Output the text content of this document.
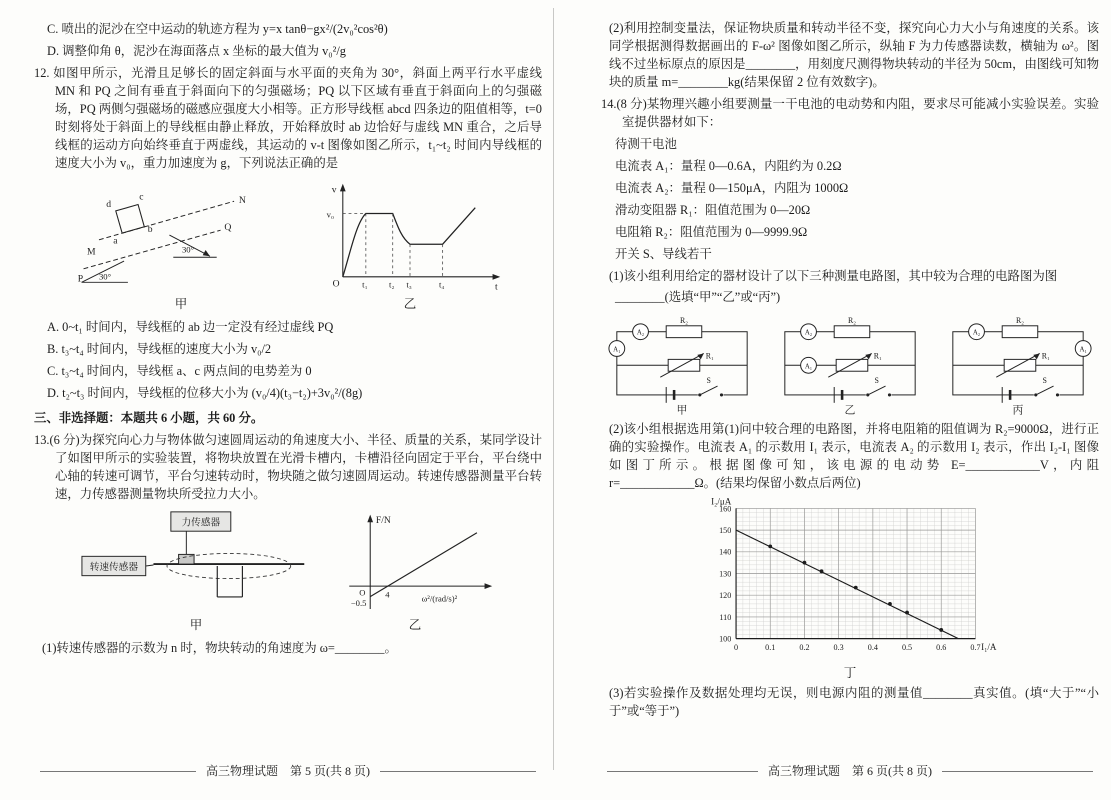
C. 喷出的泥沙在空中运动的轨迹方程为 y=x tanθ−gx²/(2v₀²cos²θ)

D. 调整仰角 θ，泥沙在海面落点 x 坐标的最大值为 v₀²/g

12. 如图甲所示，光滑且足够长的固定斜面与水平面的夹角为 30°，斜面上两平行水平虚线 MN 和 PQ 之间有垂直于斜面向下的匀强磁场；PQ 以下区域有垂直于斜面向上的匀强磁场，PQ 两侧匀强磁场的磁感应强度大小相等。正方形导线框 abcd 四条边的阻值相等，t=0 时刻将处于斜面上的导线框由静止释放，开始释放时 ab 边恰好与虚线 MN 重合，之后导线框的运动方向始终垂直于两虚线，其运动的 v-t 图像如图乙所示，t₁~t₂ 时间内导线框的速度大小为 v₀，重力加速度为 g，下列说法正确的是

a
b
c
d	N
Q
M
P
30°
30°
甲
v
t
O
v₀
t₁ t₂ t₃	t₄
乙

A. 0~t₁ 时间内，导线框的 ab 边一定没有经过虚线 PQ

B. t₃~t₄ 时间内，导线框的速度大小为 v₀/2

C. t₃~t₄ 时间内，导线框 a、c 两点间的电势差为 0

D. t₂~t₃ 时间内，导线框的位移大小为 (v₀/4)(t₃−t₂)+3v₀²/(8g)

三、非选择题：本题共 6 小题，共 60 分。

13.(6 分)为探究向心力与物体做匀速圆周运动的角速度大小、半径、质量的关系，某同学设计了如图甲所示的实验装置，将物块放置在光滑卡槽内，卡槽沿径向固定于平台，平台绕中心轴的转速可调节，平台匀速转动时，物块随之做匀速圆周运动。转速传感器测量平台转速，力传感器测量物块所受拉力大小。

力传感器
转速传感器
甲
F/N
ω²/(rad/s)²
O 4
−0.5
乙

(1)转速传感器的示数为 n 时，物块转动的角速度为 ω=________。

高三物理试题　第 5 页(共 8 页)

(2)利用控制变量法，保证物块质量和转动半径不变，探究向心力大小与角速度的关系。该同学根据测得数据画出的 F-ω² 图像如图乙所示，纵轴 F 为力传感器读数，横轴为 ω²。图线不过坐标原点的原因是________，用刻度尺测得物块转动的半径为 50cm，由图线可知物块的质量 m=________kg(结果保留 2 位有效数字)。

14.(8 分)某物理兴趣小组要测量一干电池的电动势和内阻，要求尽可能减小实验误差。实验室提供器材如下：

待测干电池

电流表 A₁：量程 0—0.6A，内阻约为 0.2Ω

电流表 A₂：量程 0—150μA，内阻为 1000Ω

滑动变阻器 R₁：阻值范围为 0—20Ω

电阻箱 R₂：阻值范围为 0—9999.9Ω

开关 S、导线若干

(1)该小组利用给定的器材设计了以下三种测量电路图，其中较为合理的电路图为图

________(选填“甲”“乙”或“丙”)

A₂
R₂
R₁
S
A₁
甲
A₂
R₂
R₁
S
A₁
乙
A₂
R₂
R₁
S
A₁
丙

(2)该小组根据选用第(1)问中较合理的电路图，并将电阻箱的阻值调为 R₂=9000Ω，进行正确的实验操作。电流表 A₁ 的示数用 I₁ 表示，电流表 A₂ 的示数用 I₂ 表示，作出 I₂-I₁ 图像如图丁所示。根据图像可知，该电源的电动势 E=____________V，内阻 r=____________Ω。(结果均保留小数点后两位)

0	0.1	0.2	0.3	0.4	0.5	0.6	0.7
100
110
120
130
140
150
160
I₂/μA
I₁/A
丁

(3)若实验操作及数据处理均无误，则电源内阻的测量值________真实值。(填“大于”“小于”或“等于”)

高三物理试题　第 6 页(共 8 页)
